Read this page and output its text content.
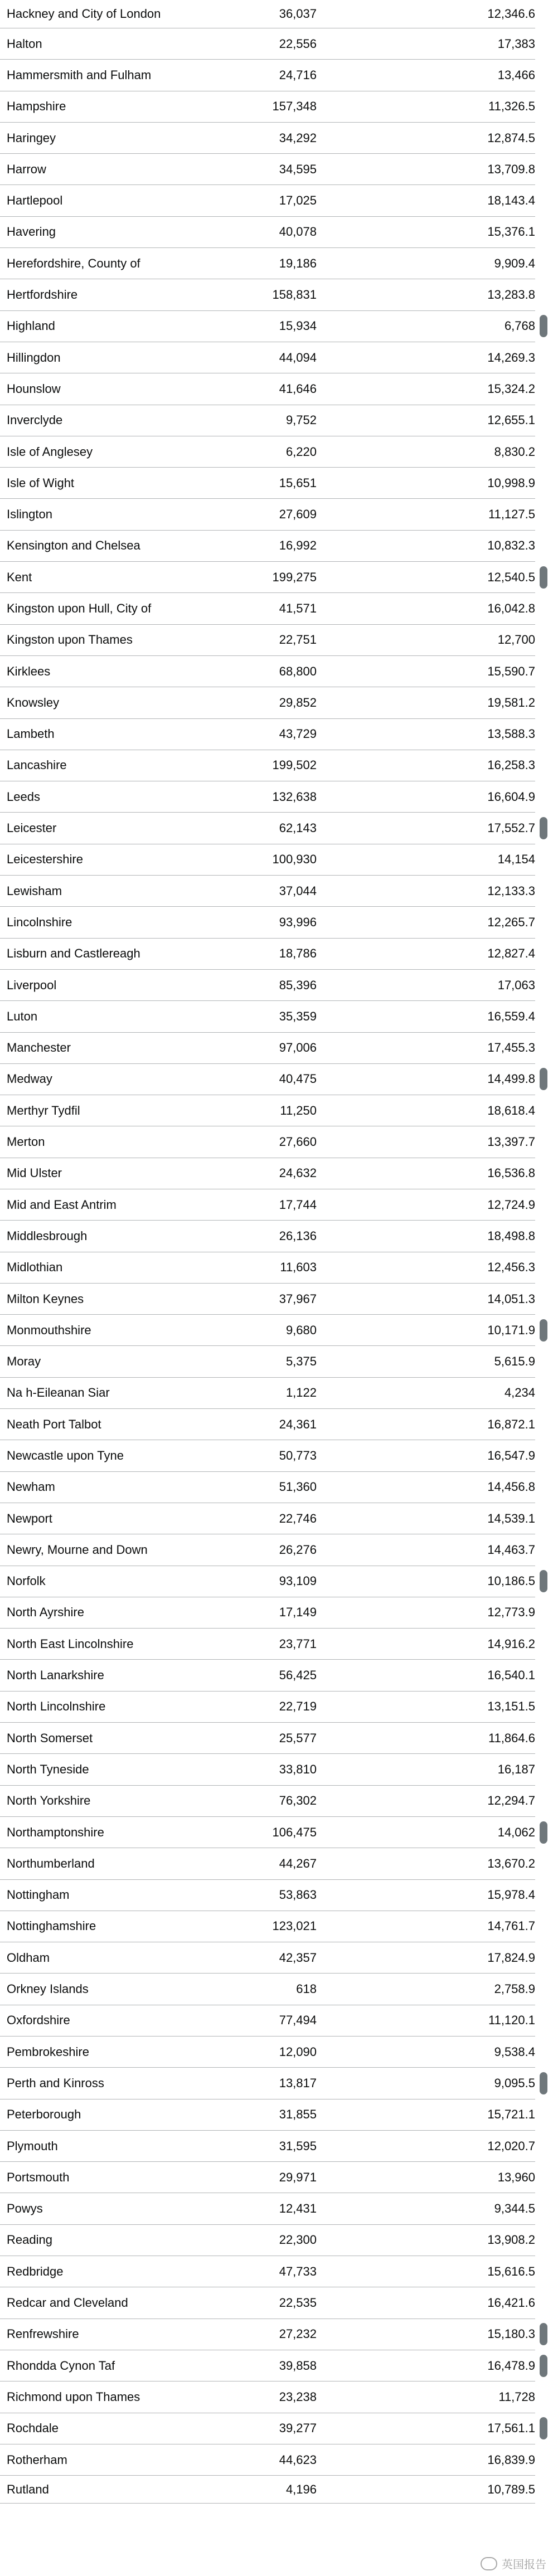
Hackney and City of London	36,037	12,346.6
Halton	22,556	17,383
Hammersmith and Fulham	24,716	13,466
Hampshire	157,348	11,326.5
Haringey	34,292	12,874.5
Harrow	34,595	13,709.8
Hartlepool	17,025	18,143.4
Havering	40,078	15,376.1
Herefordshire, County of	19,186	9,909.4
Hertfordshire	158,831	13,283.8
Highland	15,934	6,768
Hillingdon	44,094	14,269.3
Hounslow	41,646	15,324.2
Inverclyde	9,752	12,655.1
Isle of Anglesey	6,220	8,830.2
Isle of Wight	15,651	10,998.9
Islington	27,609	11,127.5
Kensington and Chelsea	16,992	10,832.3
Kent	199,275	12,540.5
Kingston upon Hull, City of	41,571	16,042.8
Kingston upon Thames	22,751	12,700
Kirklees	68,800	15,590.7
Knowsley	29,852	19,581.2
Lambeth	43,729	13,588.3
Lancashire	199,502	16,258.3
Leeds	132,638	16,604.9
Leicester	62,143	17,552.7
Leicestershire	100,930	14,154
Lewisham	37,044	12,133.3
Lincolnshire	93,996	12,265.7
Lisburn and Castlereagh	18,786	12,827.4
Liverpool	85,396	17,063
Luton	35,359	16,559.4
Manchester	97,006	17,455.3
Medway	40,475	14,499.8
Merthyr Tydfil	11,250	18,618.4
Merton	27,660	13,397.7
Mid Ulster	24,632	16,536.8
Mid and East Antrim	17,744	12,724.9
Middlesbrough	26,136	18,498.8
Midlothian	11,603	12,456.3
Milton Keynes	37,967	14,051.3
Monmouthshire	9,680	10,171.9
Moray	5,375	5,615.9
Na h-Eileanan Siar	1,122	4,234
Neath Port Talbot	24,361	16,872.1
Newcastle upon Tyne	50,773	16,547.9
Newham	51,360	14,456.8
Newport	22,746	14,539.1
Newry, Mourne and Down	26,276	14,463.7
Norfolk	93,109	10,186.5
North Ayrshire	17,149	12,773.9
North East Lincolnshire	23,771	14,916.2
North Lanarkshire	56,425	16,540.1
North Lincolnshire	22,719	13,151.5
North Somerset	25,577	11,864.6
North Tyneside	33,810	16,187
North Yorkshire	76,302	12,294.7
Northamptonshire	106,475	14,062
Northumberland	44,267	13,670.2
Nottingham	53,863	15,978.4
Nottinghamshire	123,021	14,761.7
Oldham	42,357	17,824.9
Orkney Islands	618	2,758.9
Oxfordshire	77,494	11,120.1
Pembrokeshire	12,090	9,538.4
Perth and Kinross	13,817	9,095.5
Peterborough	31,855	15,721.1
Plymouth	31,595	12,020.7
Portsmouth	29,971	13,960
Powys	12,431	9,344.5
Reading	22,300	13,908.2
Redbridge	47,733	15,616.5
Redcar and Cleveland	22,535	16,421.6
Renfrewshire	27,232	15,180.3
Rhondda Cynon Taf	39,858	16,478.9
Richmond upon Thames	23,238	11,728
Rochdale	39,277	17,561.1
Rotherham	44,623	16,839.9
Rutland	4,196	10,789.5
英国报告
